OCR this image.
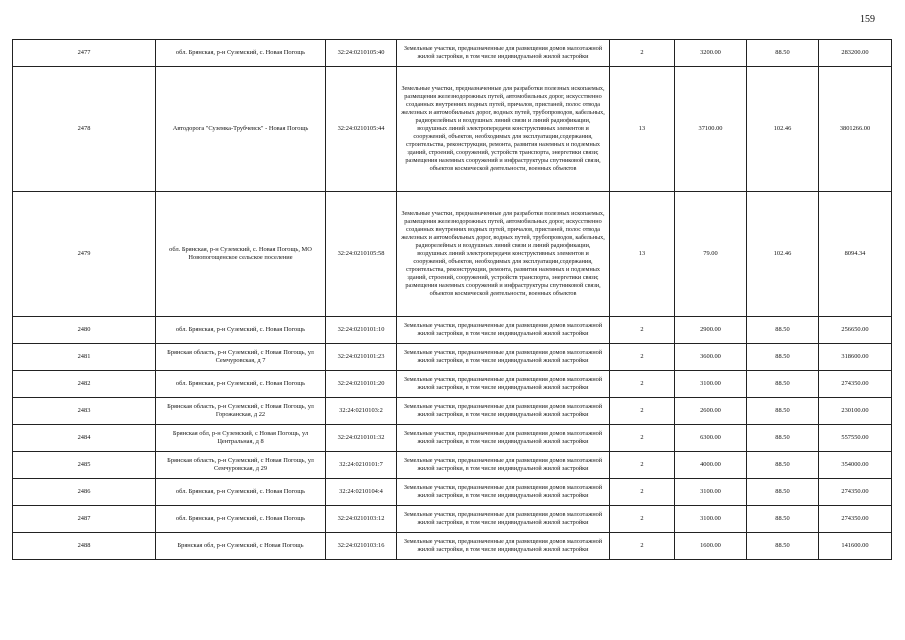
159
2477	обл. Брянская, р-н Суземский, с. Новая Погощь	32:24:0210105:40	Земельные участки, предназначенные для размещения домов малоэтажной жилой застройки, в том числе индивидуальной жилой застройки	2	3200.00	88.50	283200.00
2478	Автодорога "Суземка-Трубчевск" - Новая Погощь	32:24:0210105:44	Земельные участки, предназначенные для разработки полезных ископаемых, размещения железнодорожных путей, автомобильных дорог, искусственно созданных внутренних водных путей, причалов, пристаней, полос отвода железных и автомобильных дорог, водных путей, трубопроводов, кабельных, радиорелейных и воздушных линий связи и линий радиофикации, воздушных линий электропередачи конструктивных элементов и сооружений, объектов, необходимых для эксплуатации,содержания, строительства, реконструкции, ремонта, развития наземных и подземных зданий, строений, сооружений, устройств транспорта, энергетики связи; размещения наземных сооружений и инфраструктуры спутниковой связи, объектов космической деятельности, военных объектов	13	37100.00	102.46	3801266.00
2479	обл. Брянская, р-н Суземский, с. Новая Погощь, МО Новопогощенское сельское поселение	32:24:0210105:58	Земельные участки, предназначенные для разработки полезных ископаемых, размещения железнодорожных путей, автомобильных дорог, искусственно созданных внутренних водных путей, причалов, пристаней, полос отвода железных и автомобильных дорог, водных путей, трубопроводов, кабельных, радиорелейных и воздушных линий связи и линий радиофикации, воздушных линий электропередачи конструктивных элементов и сооружений, объектов, необходимых для эксплуатации,содержания, строительства, реконструкции, ремонта, развития наземных и подземных зданий, строений, сооружений, устройств транспорта, энергетики связи; размещения наземных сооружений и инфраструктуры спутниковой связи, объектов космической деятельности, военных объектов	13	79.00	102.46	8094.34
2480	обл. Брянская, р-н Суземский, с. Новая Погощь	32:24:0210101:10	Земельные участки, предназначенные для размещения домов малоэтажной жилой застройки, в том числе индивидуальной жилой застройки	2	2900.00	88.50	256650.00
2481	Брянская область, р-н Суземский, с Новая Погощь, ул Семчуровская, д 7	32:24:0210101:23	Земельные участки, предназначенные для размещения домов малоэтажной жилой застройки, в том числе индивидуальной жилой застройки	2	3600.00	88.50	318600.00
2482	обл. Брянская, р-н Суземский, с. Новая Погощь	32:24:0210101:20	Земельные участки, предназначенные для размещения домов малоэтажной жилой застройки, в том числе индивидуальной жилой застройки	2	3100.00	88.50	274350.00
2483	Брянская область, р-н Суземский, с Новая Погощь, ул Горожанская, д 22	32:24:0210103:2	Земельные участки, предназначенные для размещения домов малоэтажной жилой застройки, в том числе индивидуальной жилой застройки	2	2600.00	88.50	230100.00
2484	Брянская обл, р-н Суземский, с Новая Погощь, ул Центральная, д 8	32:24:0210101:32	Земельные участки, предназначенные для размещения домов малоэтажной жилой застройки, в том числе индивидуальной жилой застройки	2	6300.00	88.50	557550.00
2485	Брянская область, р-н Суземский, с Новая Погощь, ул Семчуровская, д 29	32:24:0210101:7	Земельные участки, предназначенные для размещения домов малоэтажной жилой застройки, в том числе индивидуальной жилой застройки	2	4000.00	88.50	354000.00
2486	обл. Брянская, р-н Суземский, с. Новая Погощь	32:24:0210104:4	Земельные участки, предназначенные для размещения домов малоэтажной жилой застройки, в том числе индивидуальной жилой застройки	2	3100.00	88.50	274350.00
2487	обл. Брянская, р-н Суземский, с. Новая Погощь	32:24:0210103:12	Земельные участки, предназначенные для размещения домов малоэтажной жилой застройки, в том числе индивидуальной жилой застройки	2	3100.00	88.50	274350.00
2488	Брянская обл, р-н Суземский, с Новая Погощь	32:24:0210103:16	Земельные участки, предназначенные для размещения домов малоэтажной жилой застройки, в том числе индивидуальной жилой застройки	2	1600.00	88.50	141600.00
